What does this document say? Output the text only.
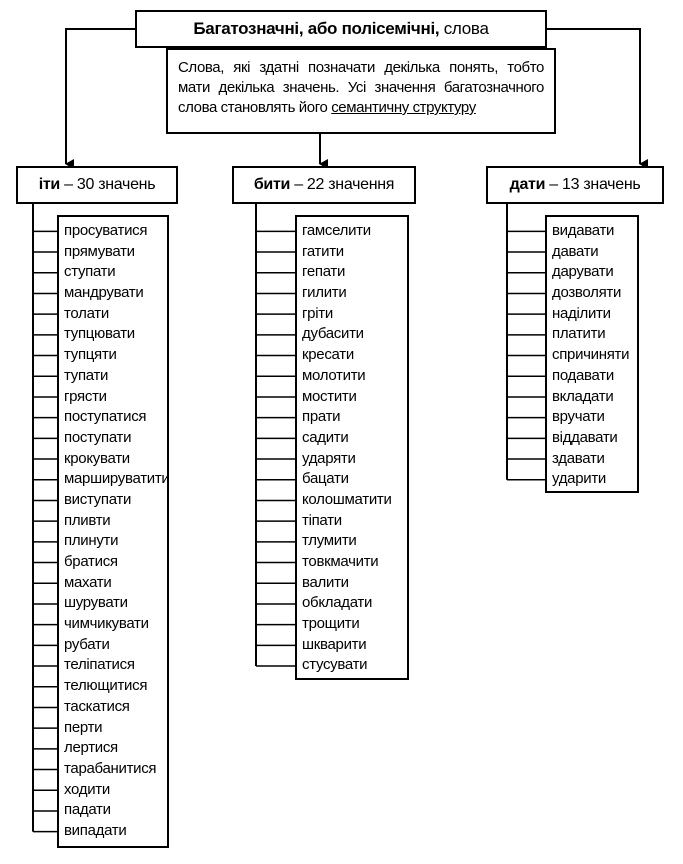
Багатозначні, або полісемічні,
слова
Слова, які здатні позначати декілька понять, тобто мати декілька значень. Усі значення багатозначного слова становлять його семантичну структуру
іти
– 30 значень	бити
– 22 значення	дати
– 13 значень
просуватися
прямувати
ступати
мандрувати
толати
тупцювати
тупцяти
тупати
грясти
поступатися
поступати
крокувати
маршируватити
виступати
пливти
плинути
братися
махати
шурувати
чимчикувати
рубати
теліпатися
телющитися
таскатися
перти
лертися
тарабанитися
ходити
падати
випадати
гамселити
гатити
гепати
гилити
гріти
дубасити
кресати
молотити
мостити
прати
садити
ударяти
бацати
колошматити
тіпати
тлумити
товкмачити
валити
обкладати
трощити
шкварити
стусувати
видавати
давати
дарувати
дозволяти
наділити
платити
спричиняти
подавати
вкладати
вручати
віддавати
здавати
ударити
